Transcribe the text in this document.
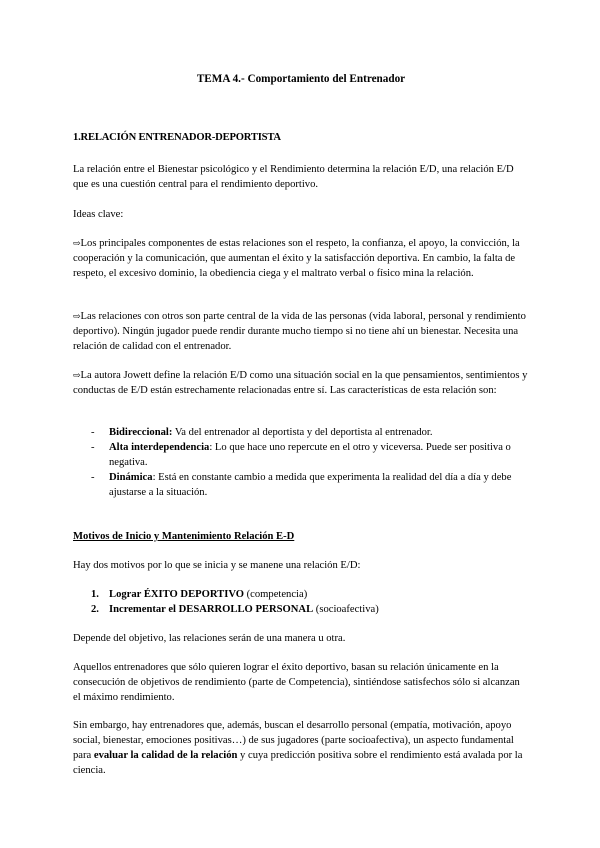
TEMA 4.- Comportamiento del Entrenador
1.RELACIÓN ENTRENADOR-DEPORTISTA
La relación entre el Bienestar psicológico y el Rendimiento determina la relación E/D, una relación E/D que es una cuestión central para el rendimiento deportivo.
Ideas clave:
⇨Los principales componentes de estas relaciones son el respeto, la confianza, el apoyo, la convicción, la cooperación y la comunicación, que aumentan el éxito y la satisfacción deportiva. En cambio, la falta de respeto, el excesivo dominio, la obediencia ciega y el maltrato verbal o físico mina la relación.
⇨Las relaciones con otros son parte central de la vida de las personas (vida laboral, personal y rendimiento deportivo). Ningún jugador puede rendir durante mucho tiempo si no tiene ahí un bienestar. Necesita una relación de calidad con el entrenador.
⇨La autora Jowett define la relación E/D como una situación social en la que pensamientos, sentimientos y conductas de E/D están estrechamente relacionadas entre sí. Las características de esta relación son:
- Bidireccional: Va del entrenador al deportista y del deportista al entrenador.
- Alta interdependencia: Lo que hace uno repercute en el otro y viceversa. Puede ser positiva o negativa.
- Dinámica: Está en constante cambio a medida que experimenta la realidad del día a día y debe ajustarse a la situación.
Motivos de Inicio y Mantenimiento Relación E-D
Hay dos motivos por lo que se inicia y se manene una relación E/D:
1. Lograr ÉXITO DEPORTIVO (competencia)
2. Incrementar el DESARROLLO PERSONAL (socioafectiva)
Depende del objetivo, las relaciones serán de una manera u otra.
Aquellos entrenadores que sólo quieren lograr el éxito deportivo, basan su relación únicamente en la consecución de objetivos de rendimiento (parte de Competencia), sintiéndose satisfechos sólo si alcanzan el máximo rendimiento.
Sin embargo, hay entrenadores que, además, buscan el desarrollo personal (empatía, motivación, apoyo social, bienestar, emociones positivas…) de sus jugadores (parte socioafectiva), un aspecto fundamental para evaluar la calidad de la relación y cuya predicción positiva sobre el rendimiento está avalada por la ciencia.
